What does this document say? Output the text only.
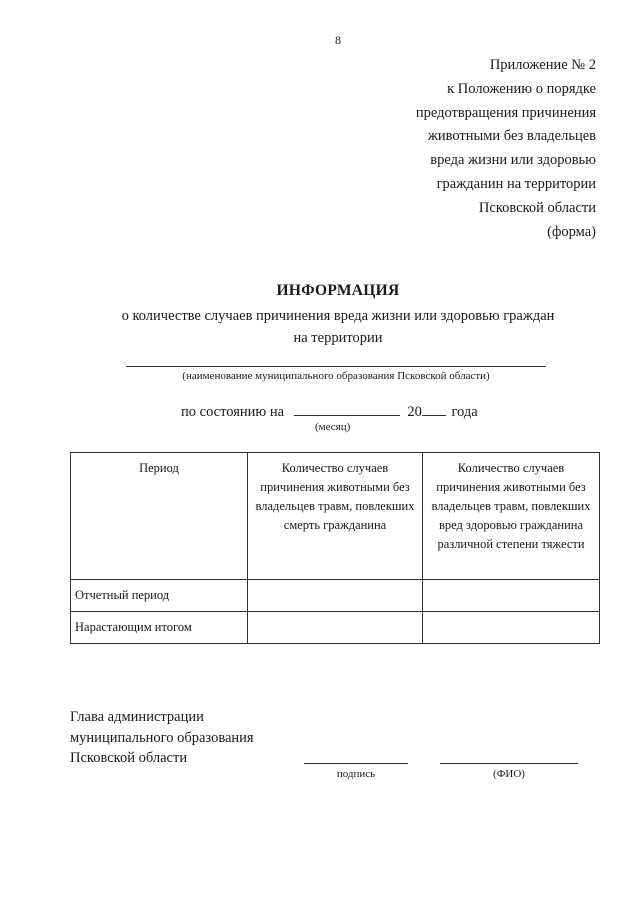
8
Приложение № 2
к Положению о порядке
предотвращения причинения
животными без владельцев
вреда жизни или здоровью
гражданин на территории
Псковской области
(форма)
ИНФОРМАЦИЯ
о количестве случаев причинения вреда жизни или здоровью граждан
на территории
(наименование муниципального образования Псковской области)
по состоянию на	20 года
(месяц)
Период	Количество случаев причинения животными без владельцев травм, повлекших смерть гражданина	Количество случаев причинения животными без владельцев травм, повлекших вред здоровью гражданина различной степени тяжести
Отчетный период		
Нарастающим итогом		
Глава администрации
муниципального образования
Псковской области
подпись	(ФИО)
